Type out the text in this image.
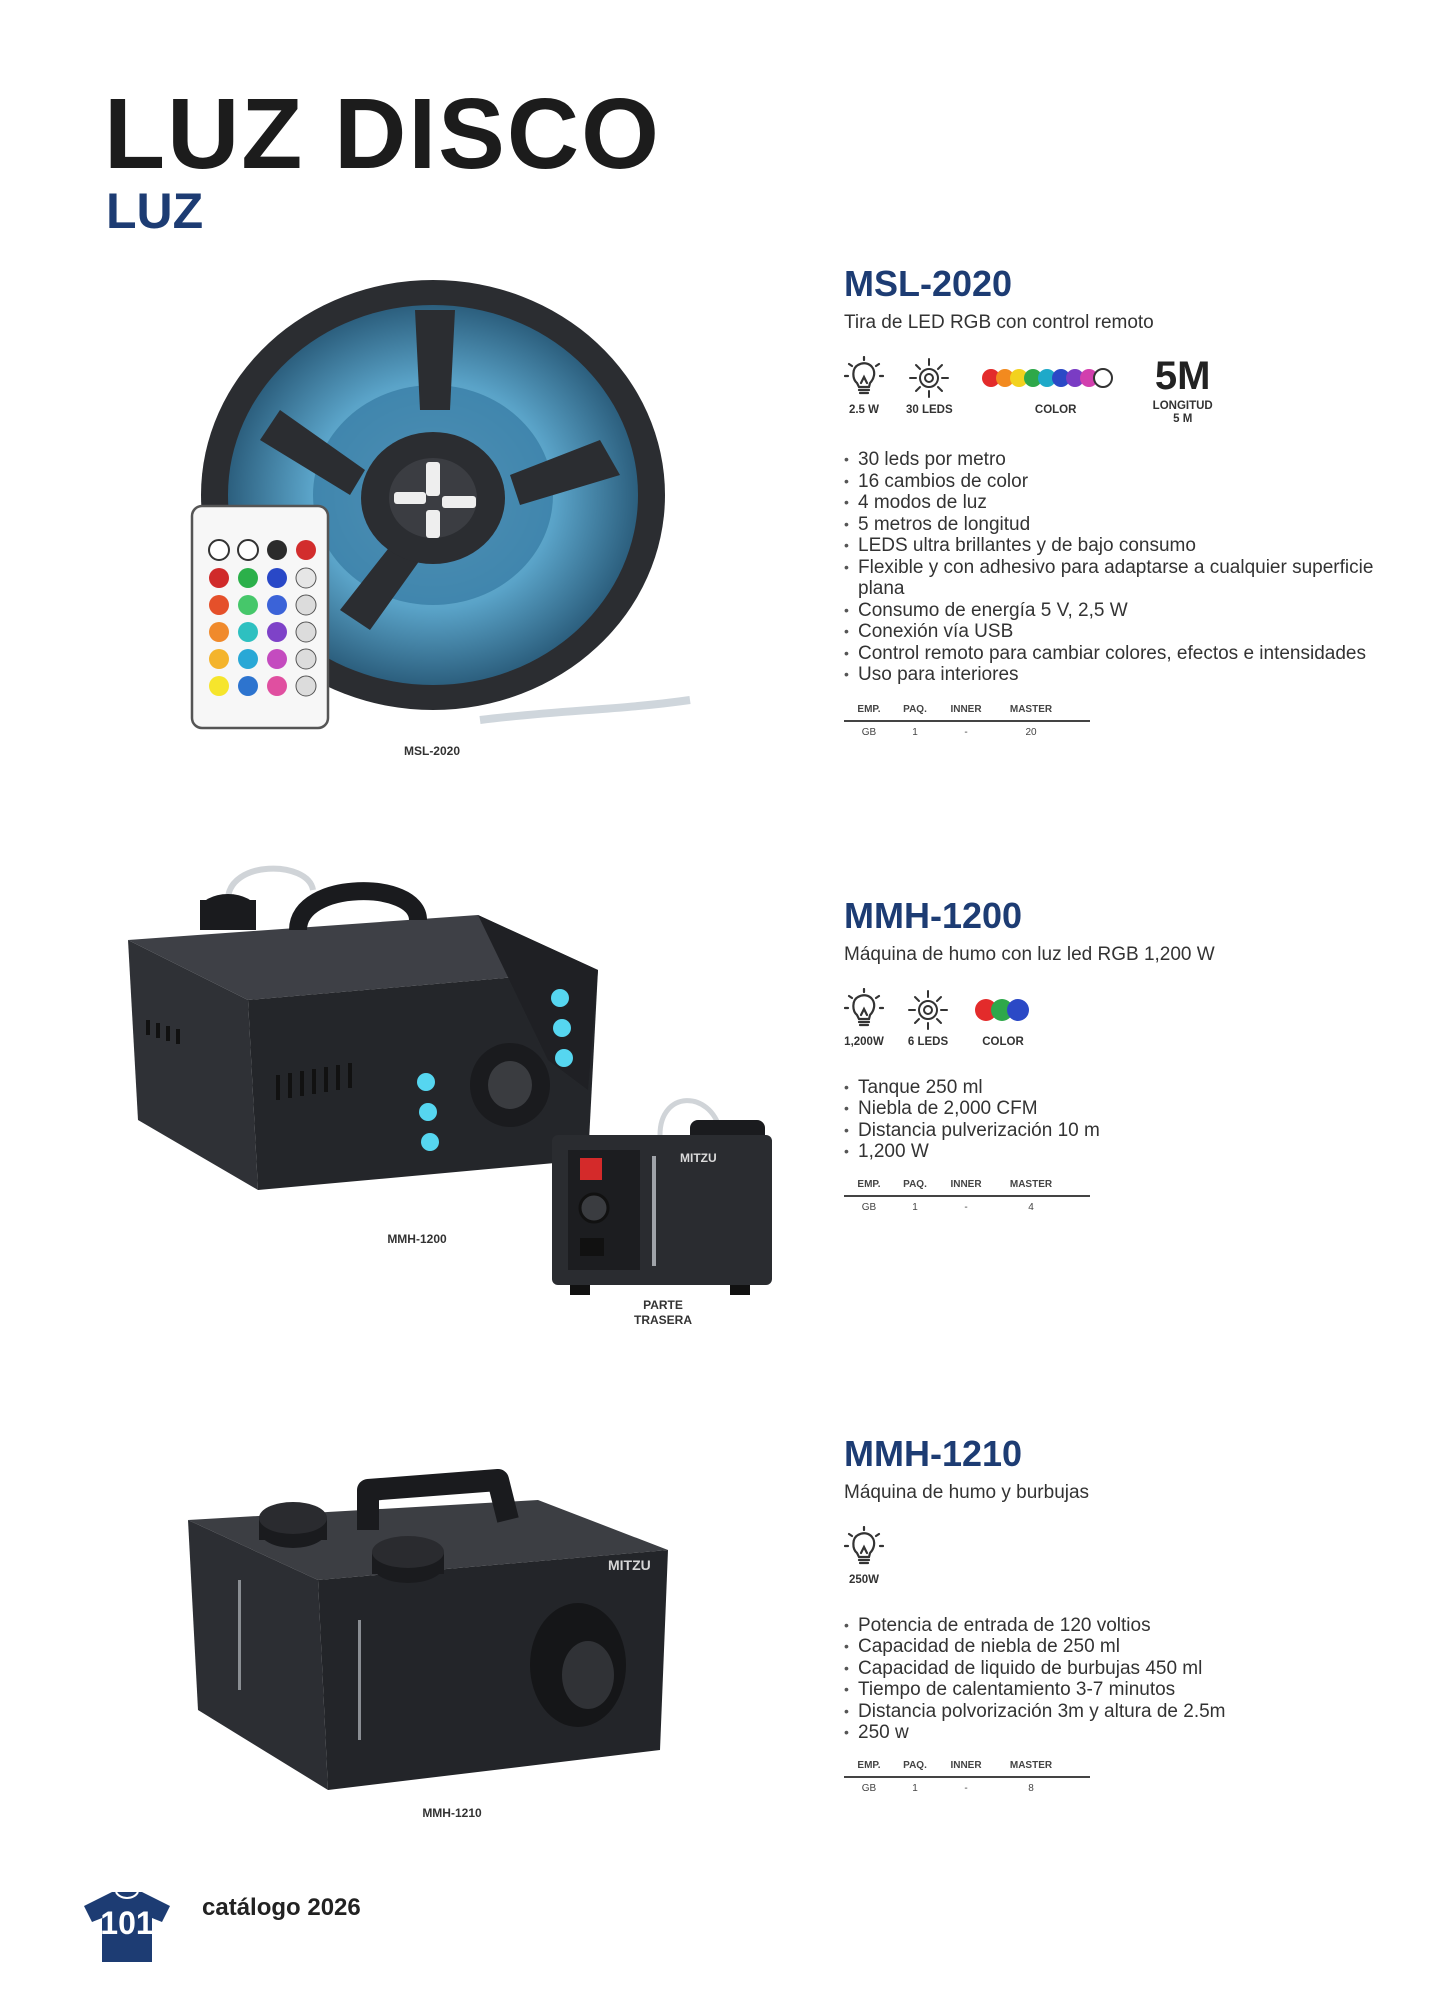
LUZ DISCO
LUZ
MSL-2020
MSL-2020
Tira de LED RGB con control remoto
2.5 W 30 LEDS	COLOR
5M
LONGITUD
5 M
• 30 leds por metro
• 16 cambios de color
• 4 modos de luz
• 5 metros de longitud
• LEDS ultra brillantes y de bajo consumo
• Flexible y con adhesivo para adaptarse a cualquier superficie plana
• Consumo de energía 5 V, 2,5 W
• Conexión vía USB
• Control remoto para cambiar colores, efectos e intensidades
• Uso para interiores
EMP.	PAQ.	INNER	MASTER
GB	1	-	20
MMH-1200
MITZU
PARTE
TRASERA
MMH-1200
Máquina de humo con luz led RGB 1,200 W
1,200W 6 LEDS	COLOR
• Tanque 250 ml
• Niebla de 2,000 CFM
• Distancia pulverización 10 m
• 1,200 W
EMP.	PAQ.	INNER	MASTER
GB	1	-	4
MITZU
MMH-1210
MMH-1210
Máquina de humo y burbujas
250W
• Potencia de entrada de 120 voltios
• Capacidad de niebla de 250 ml
• Capacidad de liquido de burbujas 450 ml
• Tiempo de calentamiento 3-7 minutos
• Distancia polvorización 3m y altura de 2.5m
• 250 w
EMP.	PAQ.	INNER	MASTER
GB	1	-	8
101	catálogo 2026
